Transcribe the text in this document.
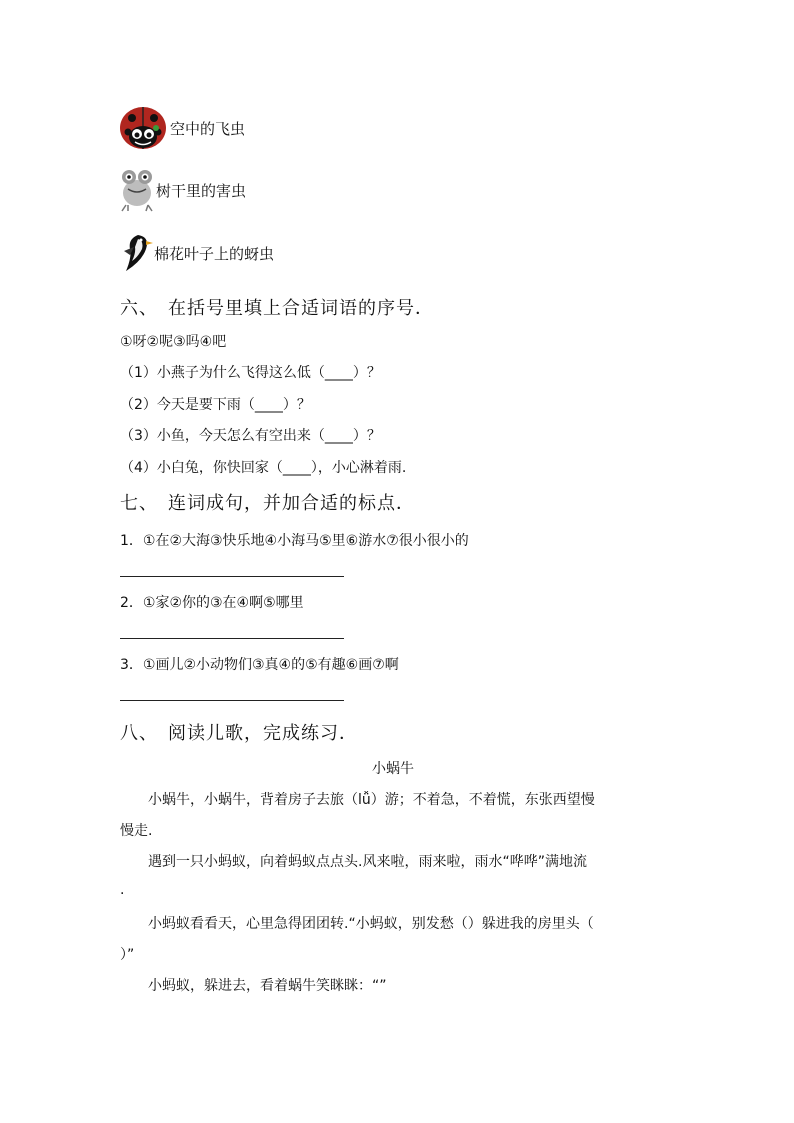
空中的飞虫
树干里的害虫
棉花叶子上的蚜虫
六、　在括号里填上合适词语的序号．
①呀②呢③吗④吧
（1）小燕子为什么飞得这么低（____）？
（2）今天是要下雨（____）？
（3）小鱼，今天怎么有空出来（____）？
（4）小白兔，你快回家（____），小心淋着雨.
七、　连词成句，并加合适的标点．
1．①在②大海③快乐地④小海马⑤里⑥游水⑦很小很小的
2．①家②你的③在④啊⑤哪里
3．①画儿②小动物们③真④的⑤有趣⑥画⑦啊
八、　阅读儿歌，完成练习．
小蜗牛
小蜗牛，小蜗牛，背着房子去旅（lǚ）游；不着急，不着慌，东张西望慢
慢走.
遇到一只小蚂蚁，向着蚂蚁点点头.风来啦，雨来啦，雨水“哗哗”满地流
.
小蚂蚁看看天，心里急得团团转.“小蚂蚁，别发愁（）躲进我的房里头（
）”
小蚂蚁，躲进去，看着蜗牛笑眯眯：“”
